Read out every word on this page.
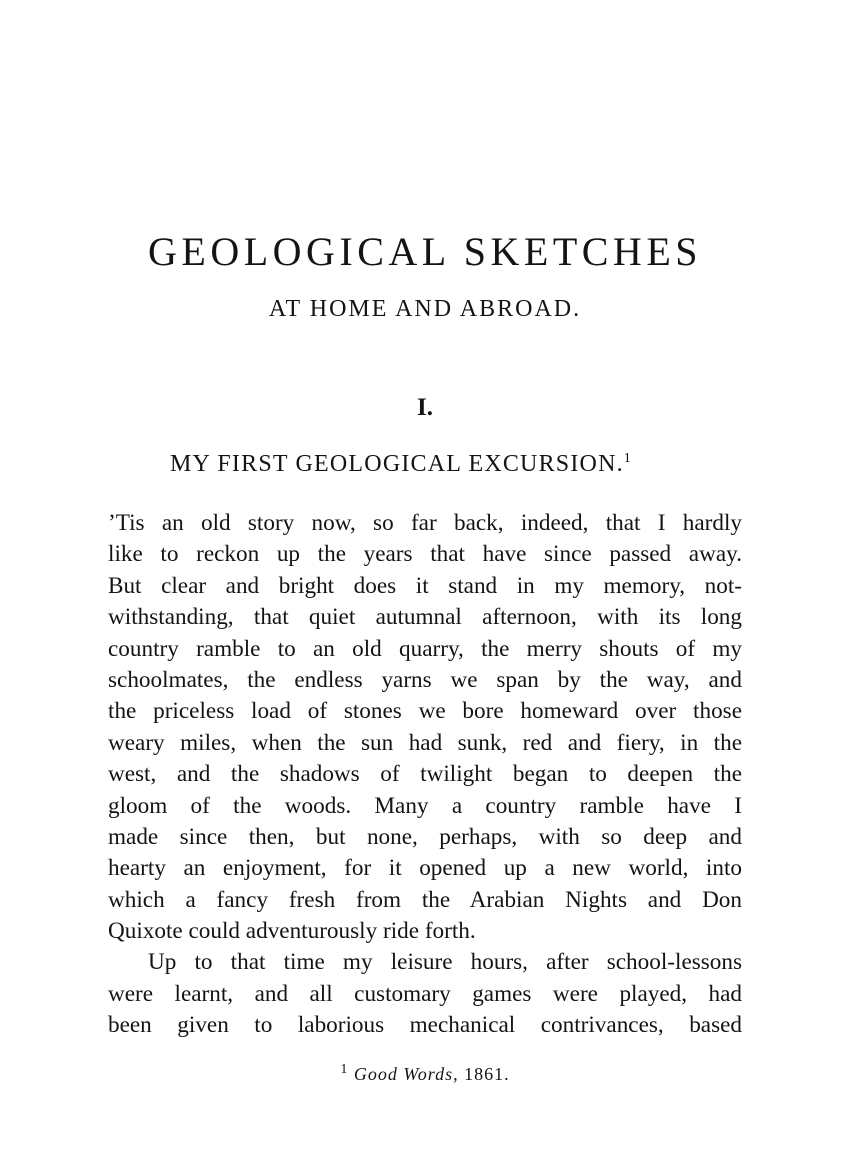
GEOLOGICAL SKETCHES
AT HOME AND ABROAD.
I.
MY FIRST GEOLOGICAL EXCURSION.$^1$
’Tis an old story now, so far back, indeed, that I hardly
like to reckon up the years that have since passed away.
But clear and bright does it stand in my memory, not-
withstanding, that quiet autumnal afternoon, with its long
country ramble to an old quarry, the merry shouts of my
schoolmates, the endless yarns we span by the way, and
the priceless load of stones we bore homeward over those
weary miles, when the sun had sunk, red and fiery, in the
west, and the shadows of twilight began to deepen the
gloom of the woods. Many a country ramble have I
made since then, but none, perhaps, with so deep and
hearty an enjoyment, for it opened up a new world, into
which a fancy fresh from the Arabian Nights and Don
Quixote could adventurously ride forth.
Up to that time my leisure hours, after school-lessons
were learnt, and all customary games were played, had
been given to laborious mechanical contrivances, based
$^1$ Good Words, 1861.
